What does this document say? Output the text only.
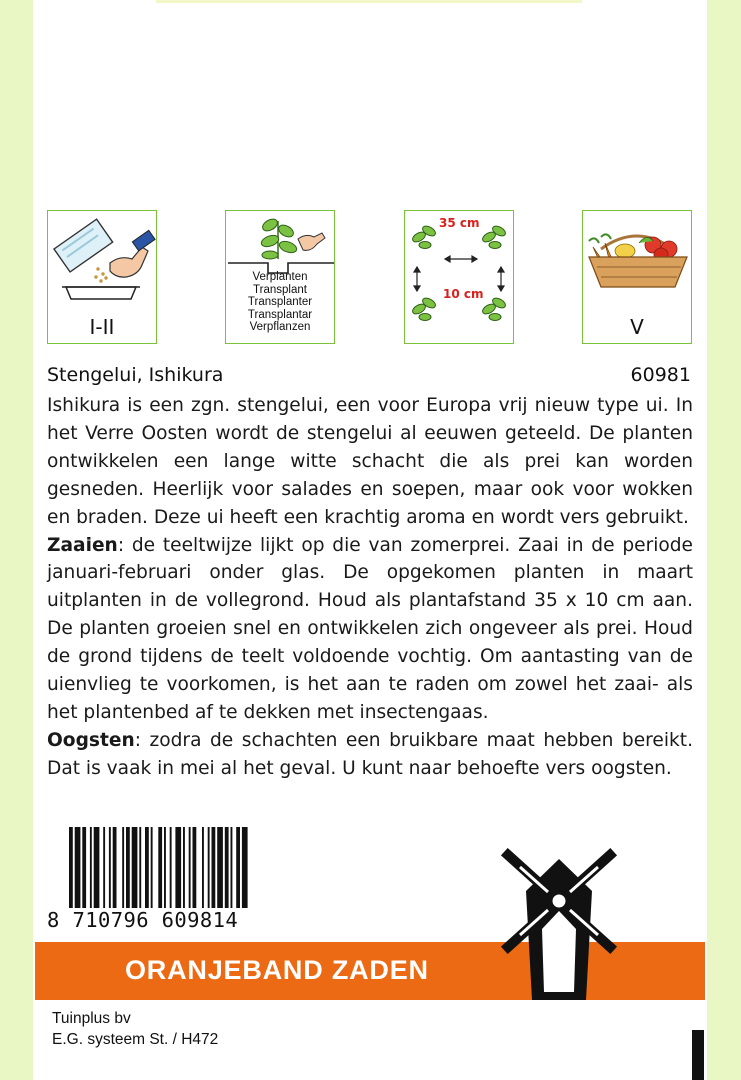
I-II
Verplanten
Transplant
Transplanter
Transplantar
Verpflanzen
35 cm
10 cm
V
Stengelui, Ishikura	60981

Ishikura is een zgn. stengelui, een voor Europa vrij nieuw type ui. In het Verre Oosten wordt de stengelui al eeuwen geteeld. De planten ontwikkelen een lange witte schacht die als prei kan worden gesneden. Heerlijk voor salades en soepen, maar ook voor wokken en braden. Deze ui heeft een krachtig aroma en wordt vers gebruikt.

Zaaien: de teeltwijze lijkt op die van zomerprei. Zaai in de periode januari-februari onder glas. De opgekomen planten in maart uitplanten in de vollegrond. Houd als plantafstand 35 x 10 cm aan. De planten groeien snel en ontwikkelen zich ongeveer als prei. Houd de grond tijdens de teelt voldoende vochtig. Om aantasting van de uienvlieg te voorkomen, is het aan te raden om zowel het zaai- als het plantenbed af te dekken met insectengaas.

Oogsten: zodra de schachten een bruikbare maat hebben bereikt. Dat is vaak in mei al het geval. U kunt naar behoefte vers oogsten.

8 710796 609814
ORANJEBAND ZADEN
Tuinplus bv
E.G. systeem St. / H472
